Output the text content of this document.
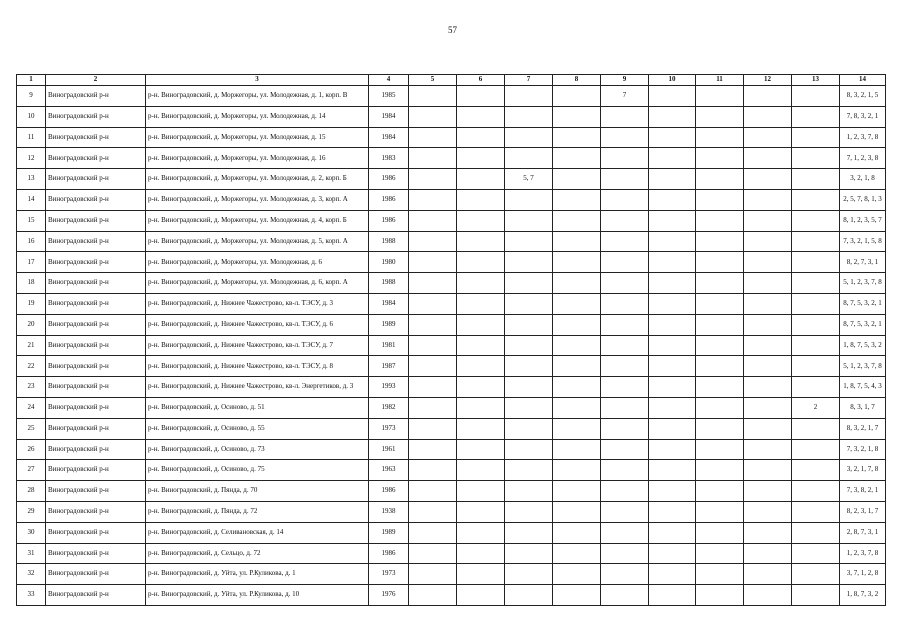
57
1	2	3	4	5	6	7	8	9	10	11	12	13	14
9	Виноградовский р-н	р-н. Виноградовский, д. Моржегоры, ул. Молодежная, д. 1, корп. В	1985					7					8, 3, 2, 1, 5
10	Виноградовский р-н	р-н. Виноградовский, д. Моржегоры, ул. Молодежная, д. 14	1984										7, 8, 3, 2, 1
11	Виноградовский р-н	р-н. Виноградовский, д. Моржегоры, ул. Молодежная, д. 15	1984										1, 2, 3, 7, 8
12	Виноградовский р-н	р-н. Виноградовский, д. Моржегоры, ул. Молодежная, д. 16	1983										7, 1, 2, 3, 8
13	Виноградовский р-н	р-н. Виноградовский, д. Моржегоры, ул. Молодежная, д. 2, корп. Б	1986			5, 7							3, 2, 1, 8
14	Виноградовский р-н	р-н. Виноградовский, д. Моржегоры, ул. Молодежная, д. 3, корп. А	1986										2, 5, 7, 8, 1, 3
15	Виноградовский р-н	р-н. Виноградовский, д. Моржегоры, ул. Молодежная, д. 4, корп. Б	1986										8, 1, 2, 3, 5, 7
16	Виноградовский р-н	р-н. Виноградовский, д. Моржегоры, ул. Молодежная, д. 5, корп. А	1988										7, 3, 2, 1, 5, 8
17	Виноградовский р-н	р-н. Виноградовский, д. Моржегоры, ул. Молодежная, д. 6	1980										8, 2, 7, 3, 1
18	Виноградовский р-н	р-н. Виноградовский, д. Моржегоры, ул. Молодежная, д. 6, корп. А	1988										5, 1, 2, 3, 7, 8
19	Виноградовский р-н	р-н. Виноградовский, д. Нижнее Чажестрово, кв-л. ТЭСУ, д. 3	1984										8, 7, 5, 3, 2, 1
20	Виноградовский р-н	р-н. Виноградовский, д. Нижнее Чажестрово, кв-л. ТЭСУ, д. 6	1989										8, 7, 5, 3, 2, 1
21	Виноградовский р-н	р-н. Виноградовский, д. Нижнее Чажестрово, кв-л. ТЭСУ, д. 7	1981										1, 8, 7, 5, 3, 2
22	Виноградовский р-н	р-н. Виноградовский, д. Нижнее Чажестрово, кв-л. ТЭСУ, д. 8	1987										5, 1, 2, 3, 7, 8
23	Виноградовский р-н	р-н. Виноградовский, д. Нижнее Чажестрово, кв-л. Энергетиков, д. 3	1993										1, 8, 7, 5, 4, 3
24	Виноградовский р-н	р-н. Виноградовский, д. Осиново, д. 51	1982									2	8, 3, 1, 7
25	Виноградовский р-н	р-н. Виноградовский, д. Осиново, д. 55	1973										8, 3, 2, 1, 7
26	Виноградовский р-н	р-н. Виноградовский, д. Осиново, д. 73	1961										7, 3, 2, 1, 8
27	Виноградовский р-н	р-н. Виноградовский, д. Осиново, д. 75	1963										3, 2, 1, 7, 8
28	Виноградовский р-н	р-н. Виноградовский, д. Пянда, д. 70	1986										7, 3, 8, 2, 1
29	Виноградовский р-н	р-н. Виноградовский, д. Пянда, д. 72	1938										8, 2, 3, 1, 7
30	Виноградовский р-н	р-н. Виноградовский, д. Селивановская, д. 14	1989										2, 8, 7, 3, 1
31	Виноградовский р-н	р-н. Виноградовский, д. Сельцо, д. 72	1986										1, 2, 3, 7, 8
32	Виноградовский р-н	р-н. Виноградовский, д. Уйта, ул. Р.Куликова, д. 1	1973										3, 7, 1, 2, 8
33	Виноградовский р-н	р-н. Виноградовский, д. Уйта, ул. Р.Куликова, д. 10	1976										1, 8, 7, 3, 2
